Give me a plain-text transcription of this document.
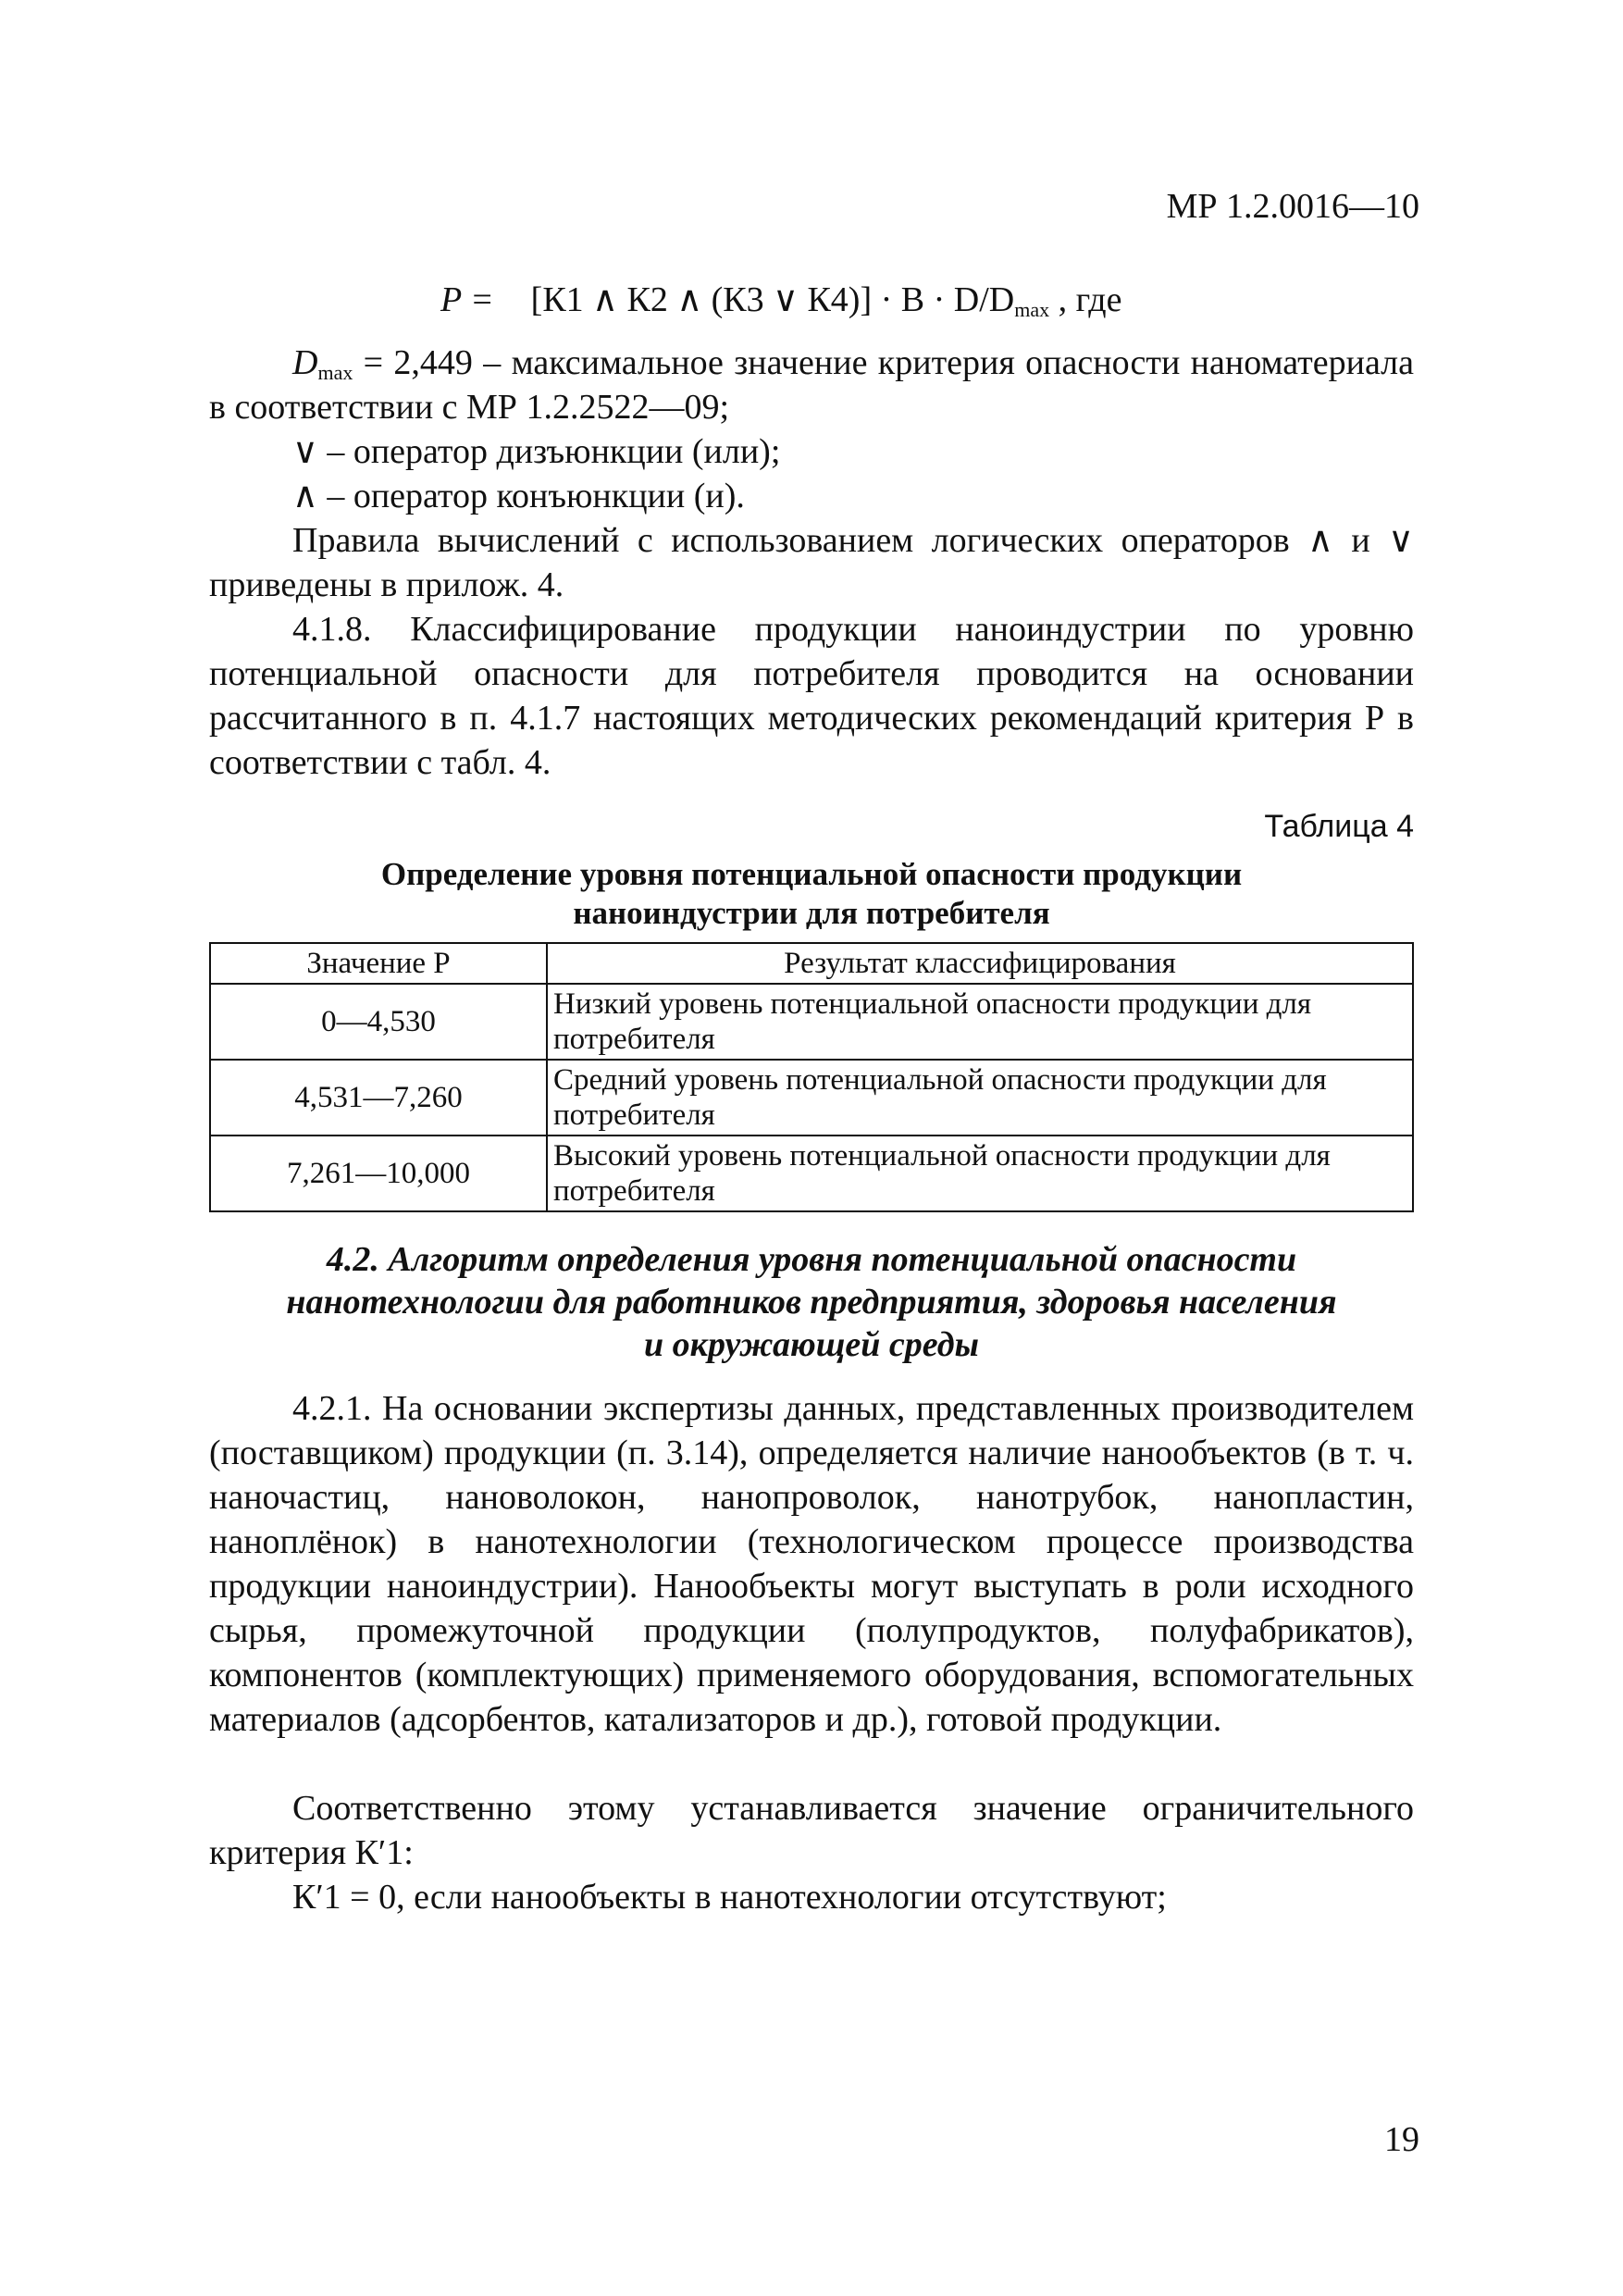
МР 1.2.0016—10
P = [К1 ∧ К2 ∧ (К3 ∨ $К4)] \cdot В \cdot D/D_{max}$ , где

$D_{max} = 2,449$ – максимальное значение критерия опасности наноматериала в соответствии с МР 1.2.2522—09;

∨ – оператор дизъюнкции (или);
∧ – оператор конъюнкции (и).

Правила вычислений с использованием логических операторов ∧ и ∨ приведены в прилож. 4.

4.1.8. Классифицирование продукции наноиндустрии по уровню потенциальной опасности для потребителя проводится на основании рассчитанного в п. 4.1.7 настоящих методических рекомендаций критерия Р в соответствии с табл. 4.

Таблица 4
Определение уровня потенциальной опасности продукции
наноиндустрии для потребителя
Значение Р	Результат классифицирования
0—4,530	Низкий уровень потенциальной опасности продукции для потребителя
4,531—7,260	Средний уровень потенциальной опасности продукции для потребителя
7,261—10,000	Высокий уровень потенциальной опасности продукции для потребителя
4.2. Алгоритм определения уровня потенциальной опасности
нанотехнологии для работников предприятия, здоровья населения
и окружающей среды

4.2.1. На основании экспертизы данных, представленных производителем (поставщиком) продукции (п. 3.14), определяется наличие нанообъектов (в т. ч. наночастиц, нановолокон, нанопроволок, нанотрубок, нанопластин, наноплёнок) в нанотехнологии (технологическом процессе производства продукции наноиндустрии). Нанообъекты могут выступать в роли исходного сырья, промежуточной продукции (полупродуктов, полуфабрикатов), компонентов (комплектующих) применяемого оборудования, вспомогательных материалов (адсорбентов, катализаторов и др.), готовой продукции.

Соответственно этому устанавливается значение ограничительного критерия К′1:

К′1 = 0, если нанообъекты в нанотехнологии отсутствуют;

19
